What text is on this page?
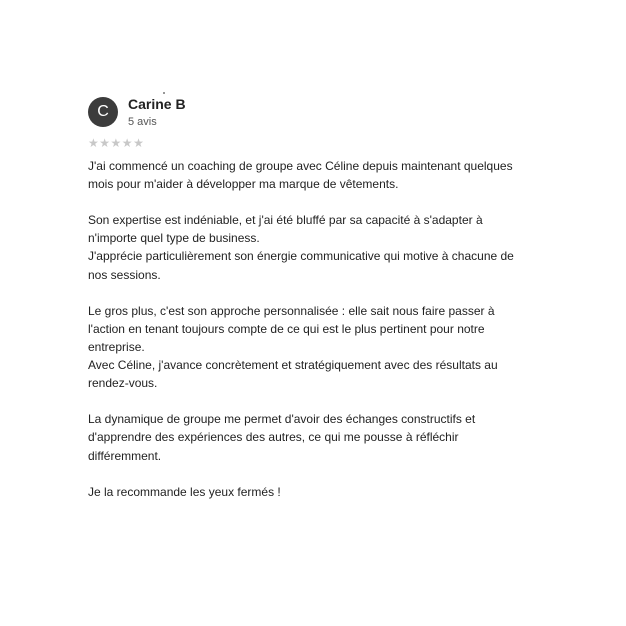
C	Carine B
5 avis
★ ★ ★ ★ ★

J'ai commencé un coaching de groupe avec Céline depuis maintenant quelques mois pour m'aider à développer ma marque de vêtements.

Son expertise est indéniable, et j'ai été bluffé par sa capacité à s'adapter à n'importe quel type de business.
J'apprécie particulièrement son énergie communicative qui motive à chacune de nos sessions.

Le gros plus, c'est son approche personnalisée : elle sait nous faire passer à l'action en tenant toujours compte de ce qui est le plus pertinent pour notre entreprise.
Avec Céline, j'avance concrètement et stratégiquement avec des résultats au rendez-vous.

La dynamique de groupe me permet d'avoir des échanges constructifs et d'apprendre des expériences des autres, ce qui me pousse à réfléchir différemment.

Je la recommande les yeux fermés !
